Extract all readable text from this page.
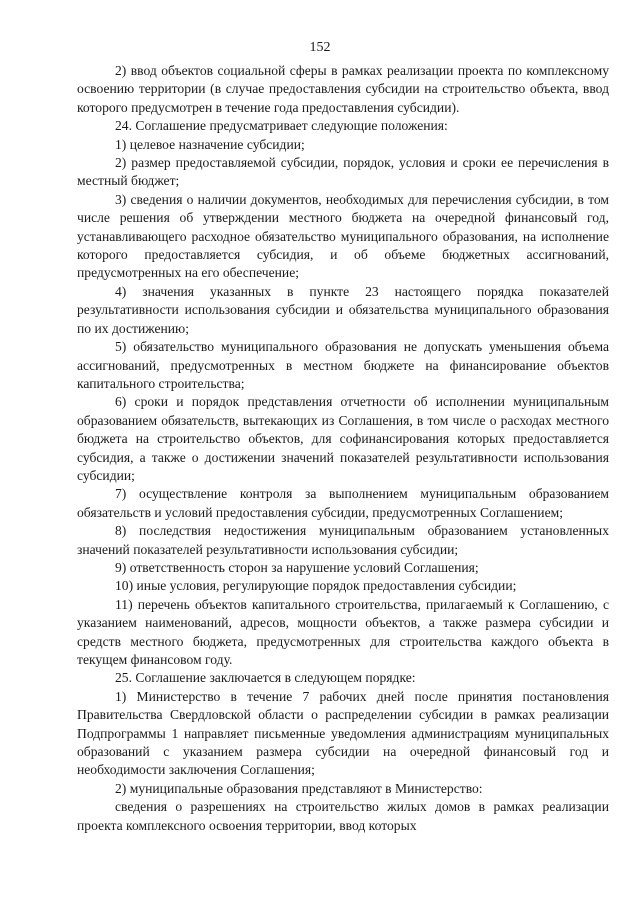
152

2) ввод объектов социальной сферы в рамках реализации проекта по комплексному освоению территории (в случае предоставления субсидии на строительство объекта, ввод которого предусмотрен в течение года предоставления субсидии).

24. Соглашение предусматривает следующие положения:

1) целевое назначение субсидии;

2) размер предоставляемой субсидии, порядок, условия и сроки ее перечисления в местный бюджет;

3) сведения о наличии документов, необходимых для перечисления субсидии, в том числе решения об утверждении местного бюджета на очередной финансовый год, устанавливающего расходное обязательство муниципального образования, на исполнение которого предоставляется субсидия, и об объеме бюджетных ассигнований, предусмотренных на его обеспечение;

4) значения указанных в пункте 23 настоящего порядка показателей результативности использования субсидии и обязательства муниципального образования по их достижению;

5) обязательство муниципального образования не допускать уменьшения объема ассигнований, предусмотренных в местном бюджете на финансирование объектов капитального строительства;

6) сроки и порядок представления отчетности об исполнении муниципальным образованием обязательств, вытекающих из Соглашения, в том числе о расходах местного бюджета на строительство объектов, для софинансирования которых предоставляется субсидия, а также о достижении значений показателей результативности использования субсидии;

7) осуществление контроля за выполнением муниципальным образованием обязательств и условий предоставления субсидии, предусмотренных Соглашением;

8) последствия недостижения муниципальным образованием установленных значений показателей результативности использования субсидии;

9) ответственность сторон за нарушение условий Соглашения;

10) иные условия, регулирующие порядок предоставления субсидии;

11) перечень объектов капитального строительства, прилагаемый к Соглашению, с указанием наименований, адресов, мощности объектов, а также размера субсидии и средств местного бюджета, предусмотренных для строительства каждого объекта в текущем финансовом году.

25. Соглашение заключается в следующем порядке:

1) Министерство в течение 7 рабочих дней после принятия постановления Правительства Свердловской области о распределении субсидии в рамках реализации Подпрограммы 1 направляет письменные уведомления администрациям муниципальных образований с указанием размера субсидии на очередной финансовый год и необходимости заключения Соглашения;

2) муниципальные образования представляют в Министерство:

сведения о разрешениях на строительство жилых домов в рамках реализации проекта комплексного освоения территории, ввод которых
